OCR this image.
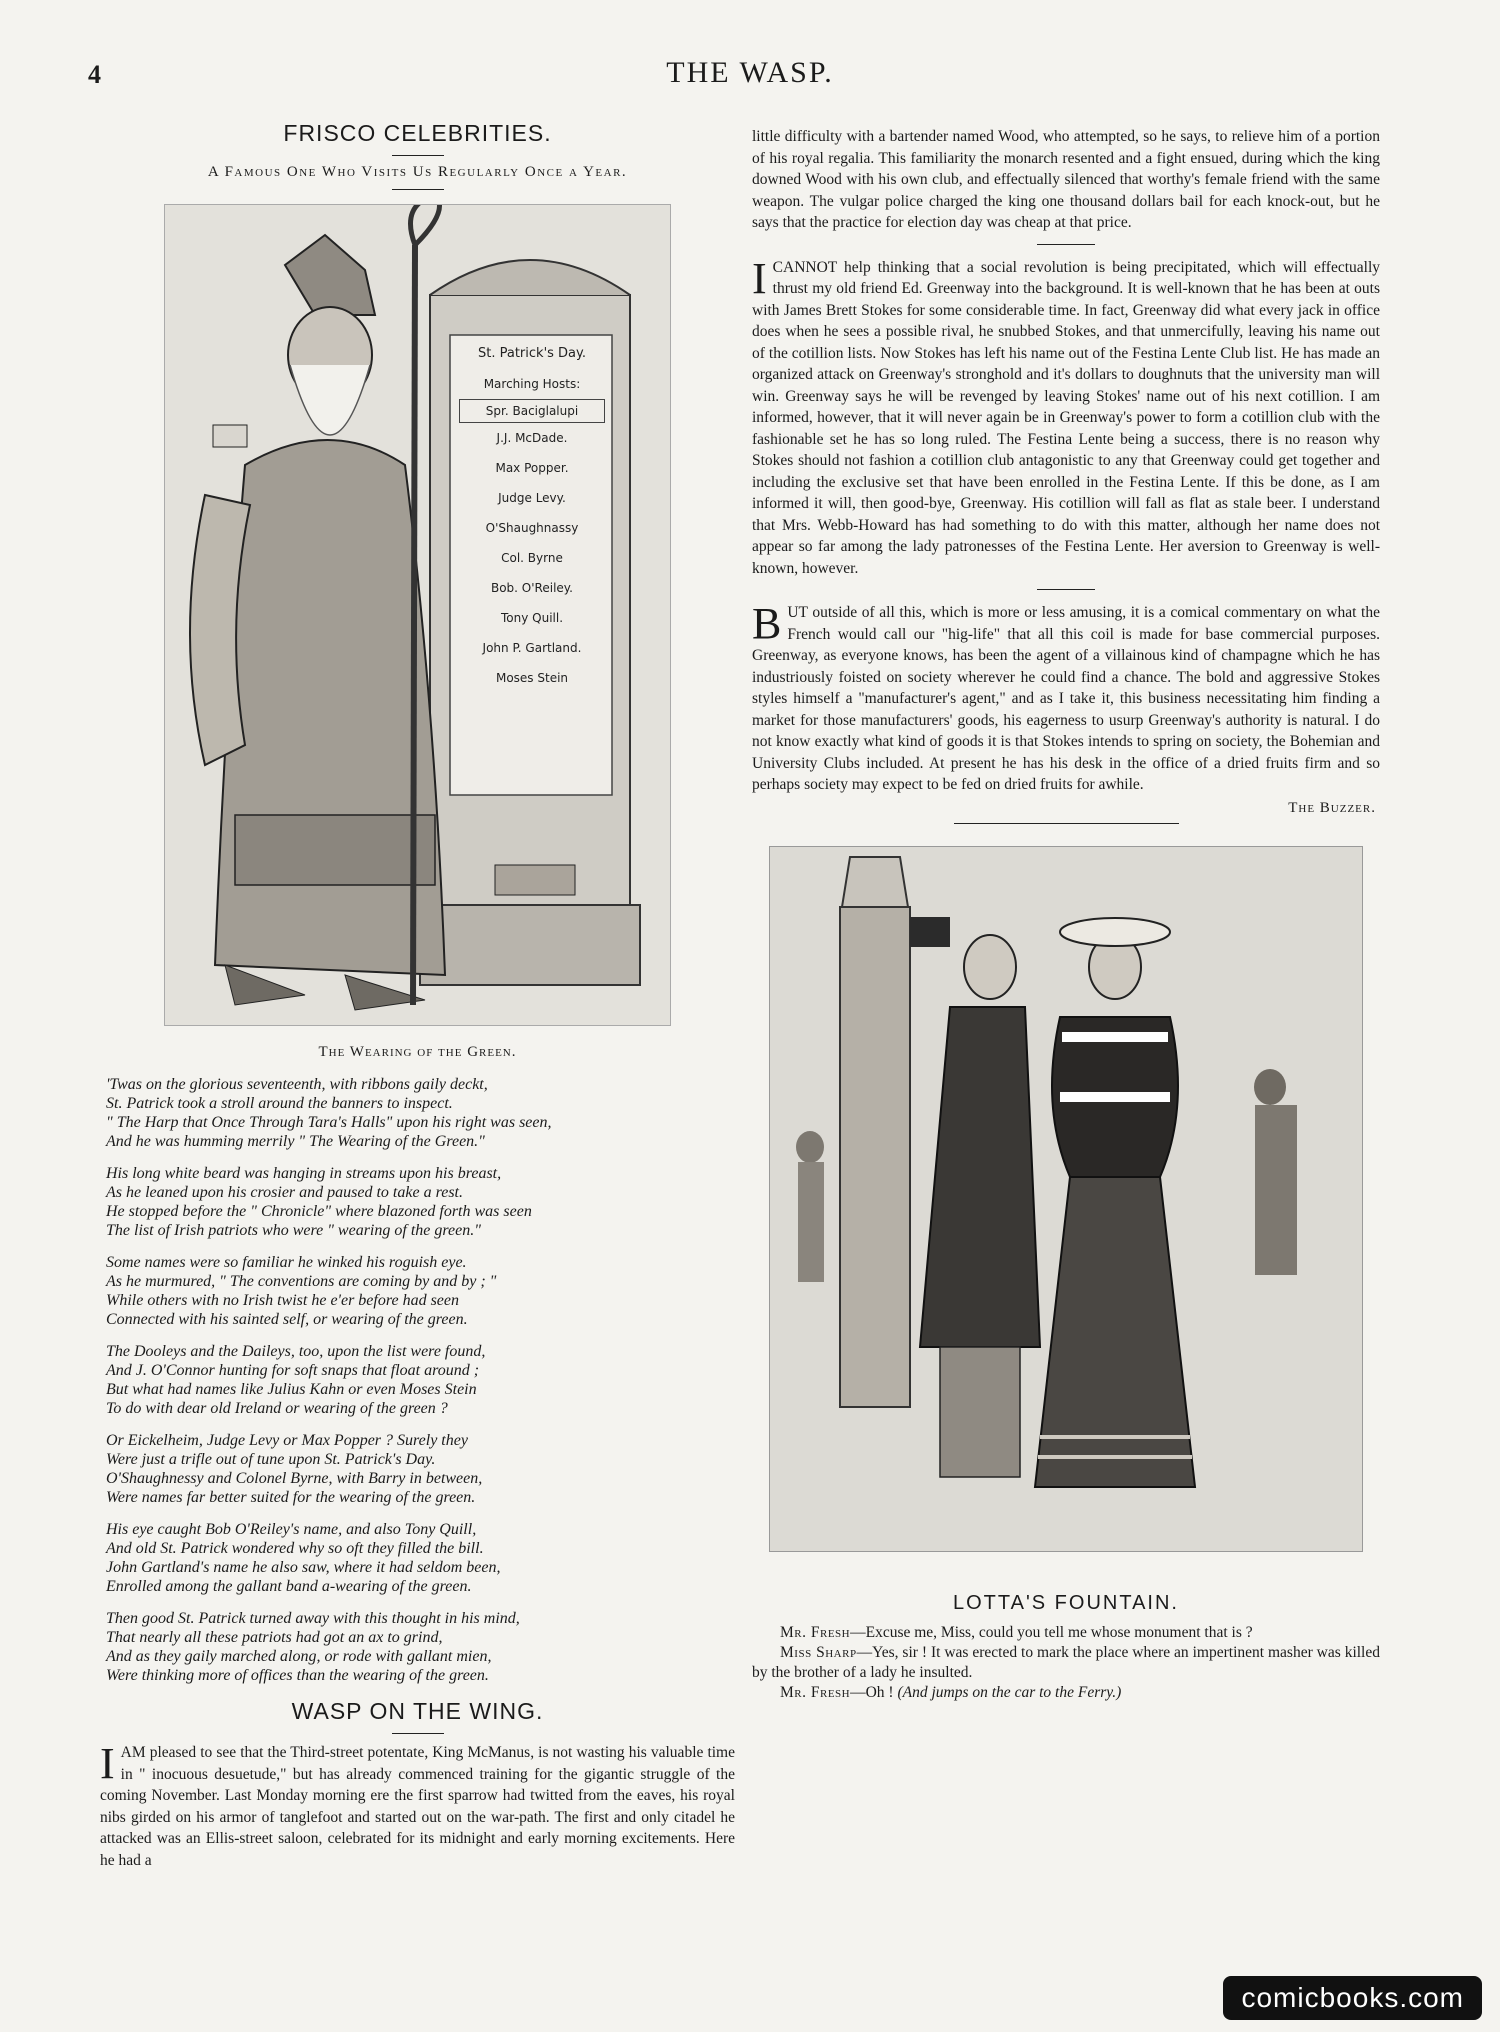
4	THE WASP.
FRISCO CELEBRITIES.
A Famous One Who Visits Us Regularly Once a Year.
St. Patrick's Day.
Marching Hosts:
Spr. Baciglalupi
J.J. McDade.
Max Popper.
Judge Levy.
O'Shaughnassy
Col. Byrne
Bob. O'Reiley.
Tony Quill.
John P. Gartland.
Moses Stein
The Wearing of the Green.
'Twas on the glorious seventeenth, with ribbons gaily deckt,
St. Patrick took a stroll around the banners to inspect.
" The Harp that Once Through Tara's Halls" upon his right was seen,
And he was humming merrily " The Wearing of the Green."
His long white beard was hanging in streams upon his breast,
As he leaned upon his crosier and paused to take a rest.
He stopped before the " Chronicle" where blazoned forth was seen
The list of Irish patriots who were " wearing of the green."
Some names were so familiar he winked his roguish eye.
As he murmured, " The conventions are coming by and by ; "
While others with no Irish twist he e'er before had seen
Connected with his sainted self, or wearing of the green.
The Dooleys and the Daileys, too, upon the list were found,
And J. O'Connor hunting for soft snaps that float around ;
But what had names like Julius Kahn or even Moses Stein
To do with dear old Ireland or wearing of the green ?
Or Eickelheim, Judge Levy or Max Popper ? Surely they
Were just a trifle out of tune upon St. Patrick's Day.
O'Shaughnessy and Colonel Byrne, with Barry in between,
Were names far better suited for the wearing of the green.
His eye caught Bob O'Reiley's name, and also Tony Quill,
And old St. Patrick wondered why so oft they filled the bill.
John Gartland's name he also saw, where it had seldom been,
Enrolled among the gallant band a-wearing of the green.
Then good St. Patrick turned away with this thought in his mind,
That nearly all these patriots had got an ax to grind,
And as they gaily marched along, or rode with gallant mien,
Were thinking more of offices than the wearing of the green.
WASP ON THE WING.

IAM pleased to see that the Third-street potentate, King McManus, is not wasting his valuable time in " inocuous desuetude," but has already commenced training for the gigantic struggle of the coming November. Last Monday morning ere the first sparrow had twitted from the eaves, his royal nibs girded on his armor of tanglefoot and started out on the war-path. The first and only citadel he attacked was an Ellis-street saloon, celebrated for its midnight and early morning excitements. Here he had a

little difficulty with a bartender named Wood, who attempted, so he says, to relieve him of a portion of his royal regalia. This familiarity the monarch resented and a fight ensued, during which the king downed Wood with his own club, and effectually silenced that worthy's female friend with the same weapon. The vulgar police charged the king one thousand dollars bail for each knock-out, but he says that the practice for election day was cheap at that price.

ICANNOT help thinking that a social revolution is being precipitated, which will effectually thrust my old friend Ed. Greenway into the background. It is well-known that he has been at outs with James Brett Stokes for some considerable time. In fact, Greenway did what every jack in office does when he sees a possible rival, he snubbed Stokes, and that unmercifully, leaving his name out of the cotillion lists. Now Stokes has left his name out of the Festina Lente Club list. He has made an organized attack on Greenway's stronghold and it's dollars to doughnuts that the university man will win. Greenway says he will be revenged by leaving Stokes' name out of his next cotillion. I am informed, however, that it will never again be in Greenway's power to form a cotillion club with the fashionable set he has so long ruled. The Festina Lente being a success, there is no reason why Stokes should not fashion a cotillion club antagonistic to any that Greenway could get together and including the exclusive set that have been enrolled in the Festina Lente. If this be done, as I am informed it will, then good-bye, Greenway. His cotillion will fall as flat as stale beer. I understand that Mrs. Webb-Howard has had something to do with this matter, although her name does not appear so far among the lady patronesses of the Festina Lente. Her aversion to Greenway is well-known, however.

BUT outside of all this, which is more or less amusing, it is a comical commentary on what the French would call our "hig-life" that all this coil is made for base commercial purposes. Greenway, as everyone knows, has been the agent of a villainous kind of champagne which he has industriously foisted on society wherever he could find a chance. The bold and aggressive Stokes styles himself a "manufacturer's agent," and as I take it, this business necessitating him finding a market for those manufacturers' goods, his eagerness to usurp Greenway's authority is natural. I do not know exactly what kind of goods it is that Stokes intends to spring on society, the Bohemian and University Clubs included. At present he has his desk in the office of a dried fruits firm and so perhaps society may expect to be fed on dried fruits for awhile.

The Buzzer.
LOTTA'S FOUNTAIN.

Mr. Fresh—Excuse me, Miss, could you tell me whose monument that is ?

Miss Sharp—Yes, sir ! It was erected to mark the place where an impertinent masher was killed by the brother of a lady he insulted.

Mr. Fresh—Oh ! (And jumps on the car to the Ferry.)

comicbooks.com
